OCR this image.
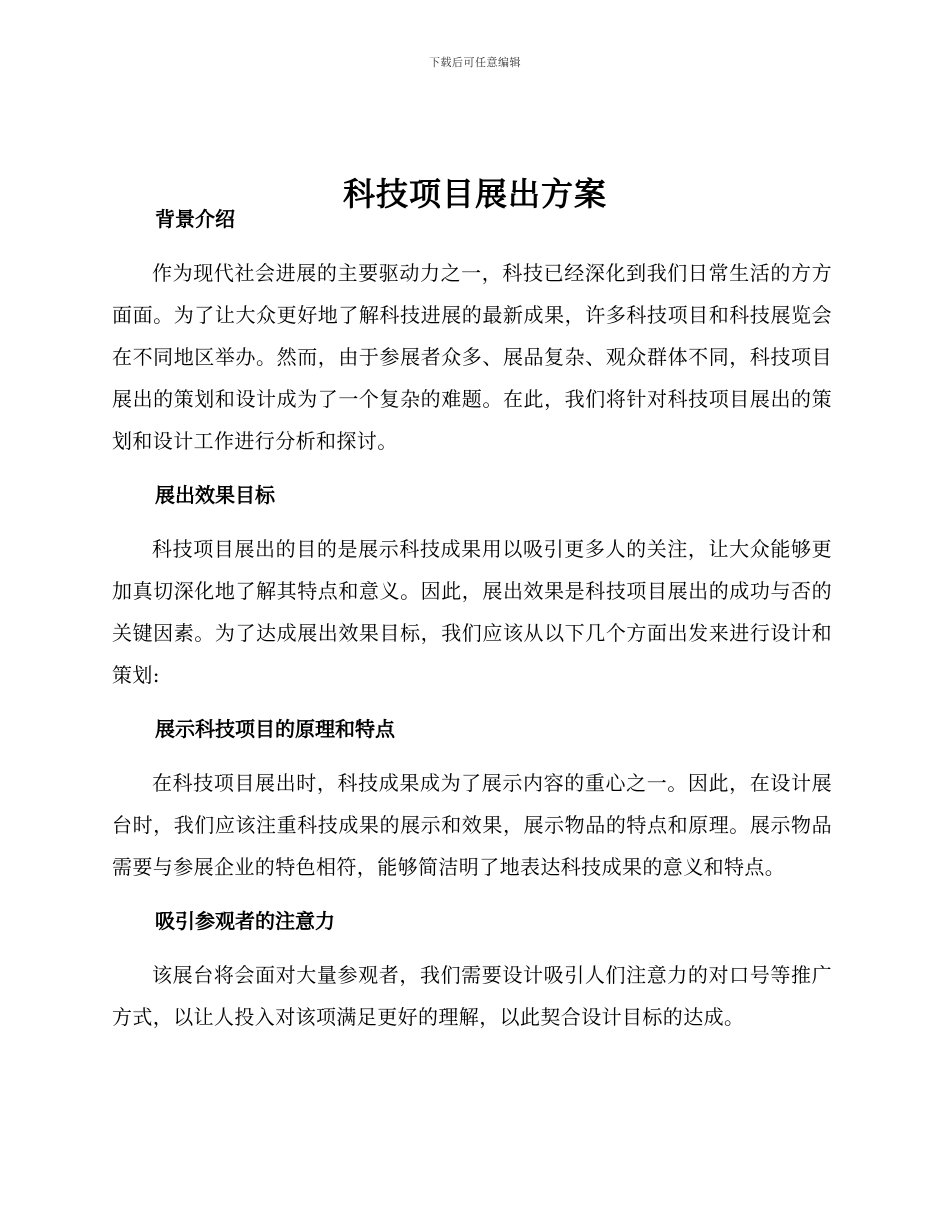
下载后可任意编辑
科技项目展出方案
背景介绍

作为现代社会进展的主要驱动力之一，科技已经深化到我们日常生活的方方面面。为了让大众更好地了解科技进展的最新成果，许多科技项目和科技展览会在不同地区举办。然而，由于参展者众多、展品复杂、观众群体不同，科技项目展出的策划和设计成为了一个复杂的难题。在此，我们将针对科技项目展出的策划和设计工作进行分析和探讨。

展出效果目标

科技项目展出的目的是展示科技成果用以吸引更多人的关注，让大众能够更加真切深化地了解其特点和意义。因此，展出效果是科技项目展出的成功与否的关键因素。为了达成展出效果目标，我们应该从以下几个方面出发来进行设计和策划:

展示科技项目的原理和特点

在科技项目展出时，科技成果成为了展示内容的重心之一。因此，在设计展台时，我们应该注重科技成果的展示和效果，展示物品的特点和原理。展示物品需要与参展企业的特色相符，能够简洁明了地表达科技成果的意义和特点。

吸引参观者的注意力

该展台将会面对大量参观者，我们需要设计吸引人们注意力的对口号等推广方式，以让人投入对该项满足更好的理解，以此契合设计目标的达成。
